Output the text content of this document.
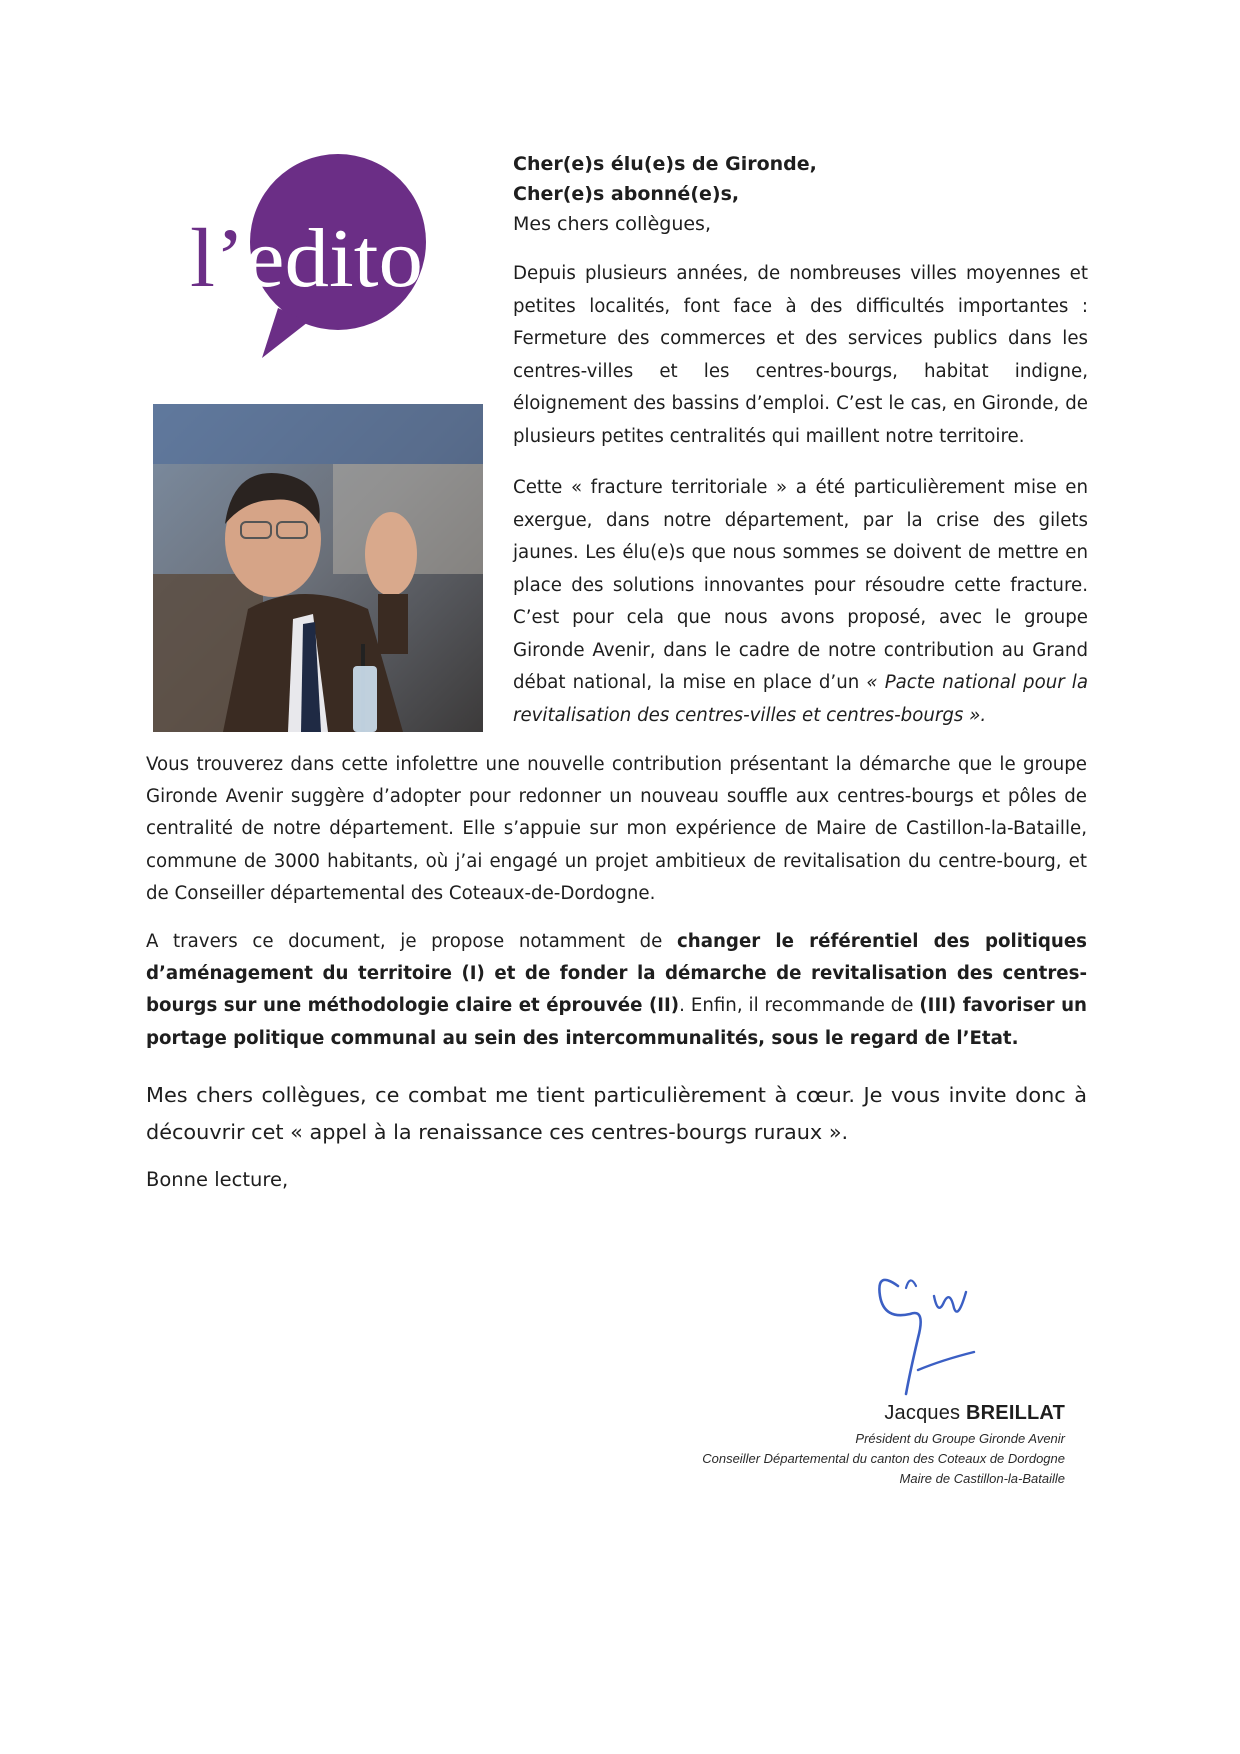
l’ edito

Cher(e)s élu(e)s de Gironde,

Cher(e)s abonné(e)s,

Mes chers collègues,

Depuis plusieurs années, de nombreuses villes moyennes et petites localités, font face à des difficultés importantes : Fermeture des commerces et des services publics dans les centres-villes et les centres-bourgs, habitat indigne, éloignement des bassins d’emploi. C’est le cas, en Gironde, de plusieurs petites centralités qui maillent notre territoire.

Cette « fracture territoriale » a été particulièrement mise en exergue, dans notre département, par la crise des gilets jaunes. Les élu(e)s que nous sommes se doivent de mettre en place des solutions innovantes pour résoudre cette fracture. C’est pour cela que nous avons proposé, avec le groupe Gironde Avenir, dans le cadre de notre contribution au Grand débat national, la mise en place d’un « Pacte national pour la revitalisation des centres-villes et centres-bourgs ».

Vous trouverez dans cette infolettre une nouvelle contribution présentant la démarche que le groupe Gironde Avenir suggère d’adopter pour redonner un nouveau souffle aux centres-bourgs et pôles de centralité de notre département. Elle s’appuie sur mon expérience de Maire de Castillon-la-Bataille, commune de 3000 habitants, où j’ai engagé un projet ambitieux de revitalisation du centre-bourg, et de Conseiller départemental des Coteaux-de-Dordogne.

A travers ce document, je propose notamment de changer le référentiel des politiques d’aménagement du territoire (I) et de fonder la démarche de revitalisation des centres-bourgs sur une méthodologie claire et éprouvée (II). Enfin, il recommande de (III) favoriser un portage politique communal au sein des intercommunalités, sous le regard de l’Etat.

Mes chers collègues, ce combat me tient particulièrement à cœur. Je vous invite donc à découvrir cet « appel à la renaissance ces centres-bourgs ruraux ».

Bonne lecture,

Jacques BREILLAT

Président du Groupe Gironde Avenir

Conseiller Départemental du canton des Coteaux de Dordogne

Maire de Castillon-la-Bataille
